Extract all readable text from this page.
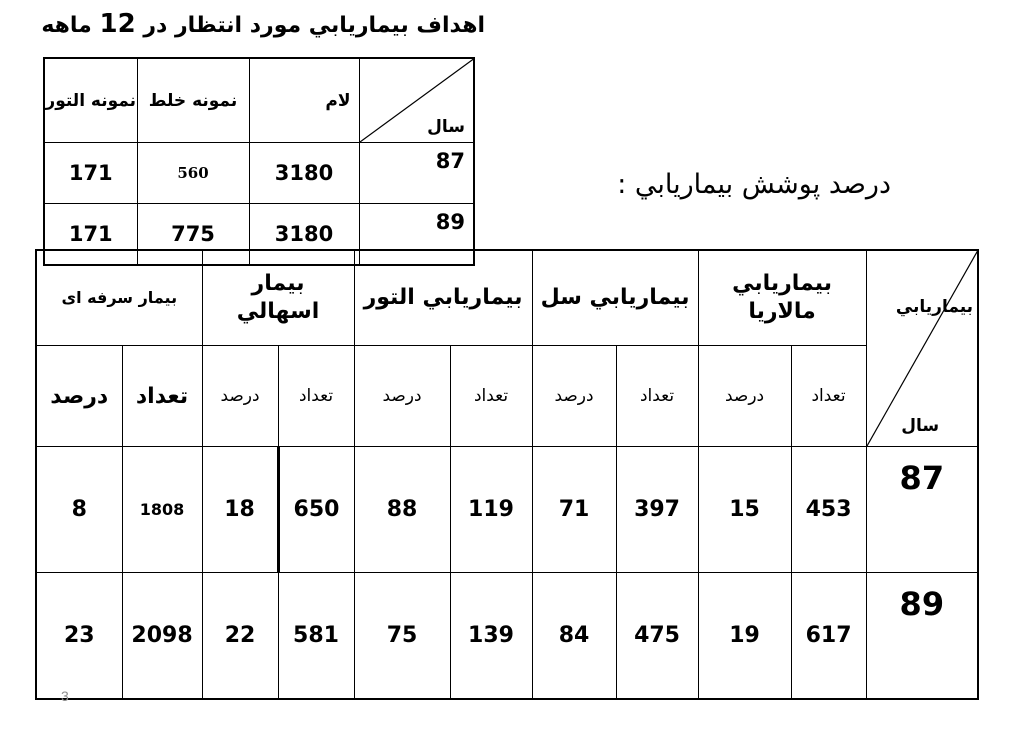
اهداف بيماريابي مورد انتظار در 12 ماهه
نمونه التور	نمونه خلط	لام	سال

171	560	3180	87
171	775	3180	89
درصد پوشش بيماريابي :
بيمار سرفه اى		بيمار اسهالي		بيماريابي التور		بيماريابي سل		بيماريابي مالاريا		بيماريابي
سال

درصد	تعداد	درصد	تعداد	درصد	تعداد	درصد	تعداد	درصد	تعداد	
8	1808	18	650	88	119	71	397	15	453	87
23	2098	22	581	75	139	84	475	19	617	89
3
